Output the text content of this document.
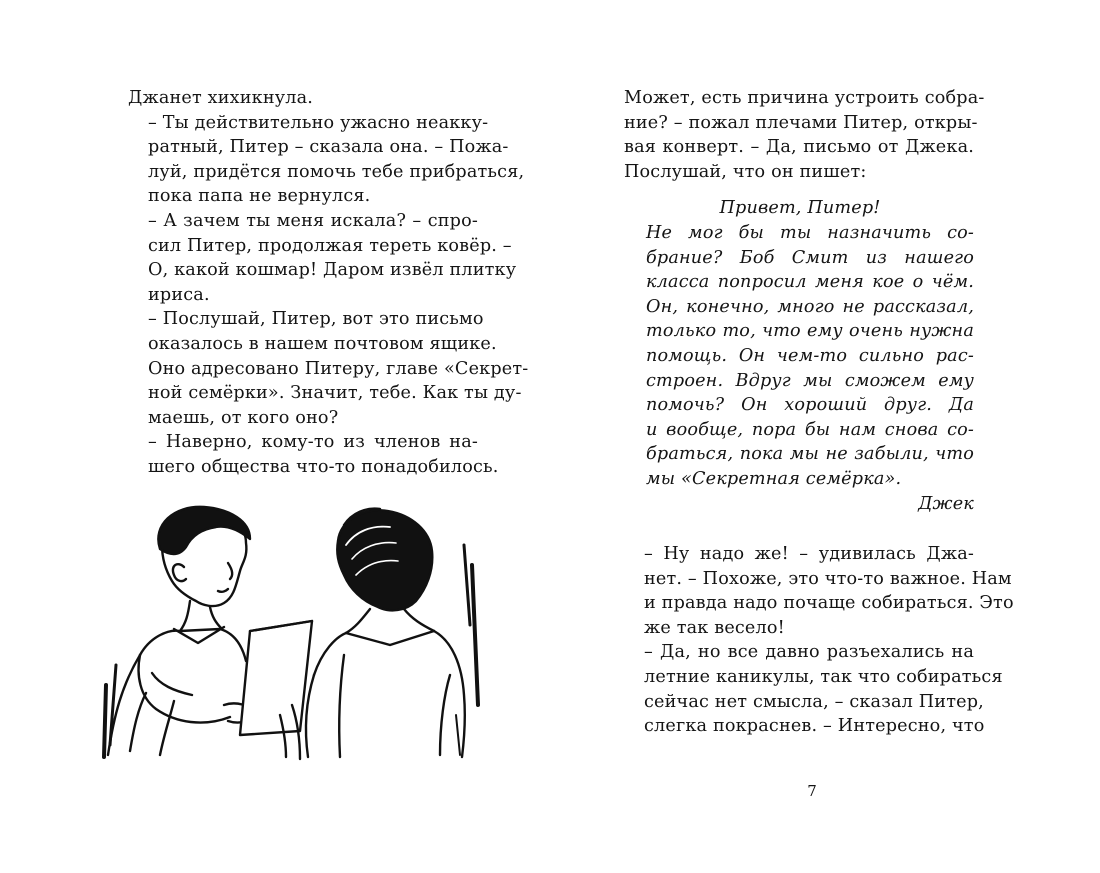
Джанет хихикнула.

– Ты действительно ужасно неакку-
ратный, Питер – сказала она. – Пожа-
луй, придётся помочь тебе прибраться,
пока папа не вернулся.

– А зачем ты меня искала? – спро-
сил Питер, продолжая тереть ковёр. –
О, какой кошмар! Даром извёл плитку
ириса.

– Послушай, Питер, вот это письмо
оказалось в нашем почтовом ящике.
Оно адресовано Питеру, главе «Секрет-
ной семёрки». Значит, тебе. Как ты ду-
маешь, от кого оно?

– Наверно, кому-то из членов на-
шего общества что-то понадобилось.

Может, есть причина устроить собра-
ние? – пожал плечами Питер, откры-
вая конверт. – Да, письмо от Джека.
Послушай, что он пишет:

Привет, Питер!

Не мог бы ты назначить со-
брание? Боб Смит из нашего
класса попросил меня кое о чём.
Он, конечно, много не рассказал,
только то, что ему очень нужна
помощь. Он чем-то сильно рас-
строен. Вдруг мы сможем ему
помочь? Он хороший друг. Да
и вообще, пора бы нам снова со-
браться, пока мы не забыли, что
мы «Секретная семёрка».

Джек

– Ну надо же! – удивилась Джа-
нет. – Похоже, это что-то важное. Нам
и правда надо почаще собираться. Это
же так весело!

– Да, но все давно разъехались на
летние каникулы, так что собираться
сейчас нет смысла, – сказал Питер,
слегка покраснев. – Интересно, что

7
